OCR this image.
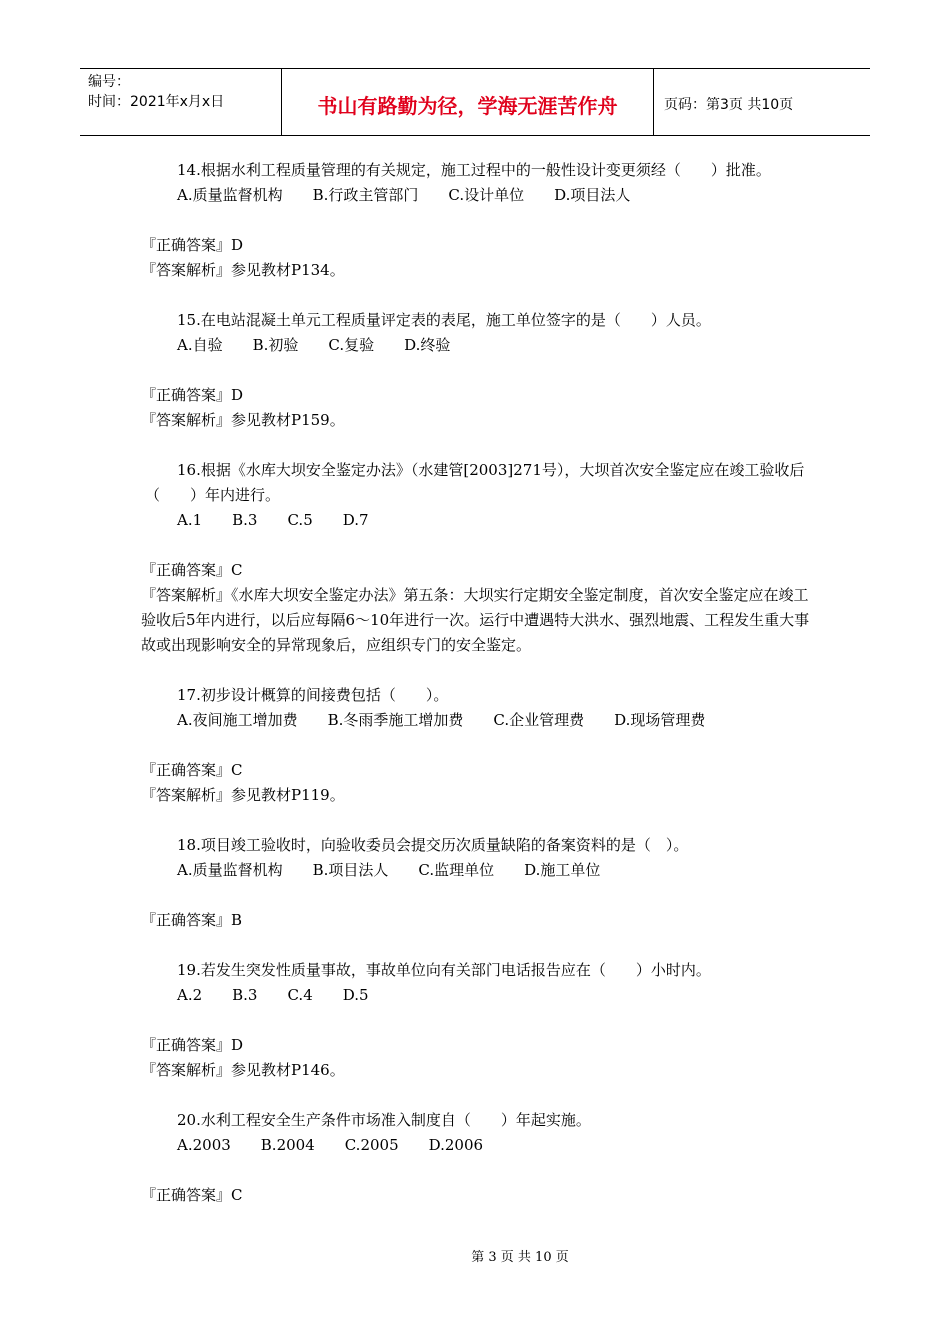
编号：
时间：2021年x月x日	书山有路勤为径，学海无涯苦作舟	页码：第3页 共10页

14.根据水利工程质量管理的有关规定，施工过程中的一般性设计变更须经（　　）批准。

A.质量监督机构　　B.行政主管部门　　C.设计单位　　D.项目法人

『正确答案』D

『答案解析』参见教材P134。

15.在电站混凝土单元工程质量评定表的表尾，施工单位签字的是（　　）人员。

A.自验　　B.初验　　C.复验　　D.终验

『正确答案』D

『答案解析』参见教材P159。

16.根据《水库大坝安全鉴定办法》（水建管[2003]271号），大坝首次安全鉴定应在竣工验收后（　　）年内进行。

A.1　　B.3　　C.5　　D.7

『正确答案』C

『答案解析』《水库大坝安全鉴定办法》第五条：大坝实行定期安全鉴定制度，首次安全鉴定应在竣工验收后5年内进行，以后应每隔6～10年进行一次。运行中遭遇特大洪水、强烈地震、工程发生重大事故或出现影响安全的异常现象后，应组织专门的安全鉴定。

17.初步设计概算的间接费包括（　　）。

A.夜间施工增加费　　B.冬雨季施工增加费　　C.企业管理费　　D.现场管理费

『正确答案』C

『答案解析』参见教材P119。

18.项目竣工验收时，向验收委员会提交历次质量缺陷的备案资料的是（　）。

A.质量监督机构　　B.项目法人　　C.监理单位　　D.施工单位

『正确答案』B

19.若发生突发性质量事故，事故单位向有关部门电话报告应在（　　）小时内。

A.2　　B.3　　C.4　　D.5

『正确答案』D

『答案解析』参见教材P146。

20.水利工程安全生产条件市场准入制度自（　　）年起实施。

A.2003　　B.2004　　C.2005　　D.2006

『正确答案』C

第 3 页 共 10 页
